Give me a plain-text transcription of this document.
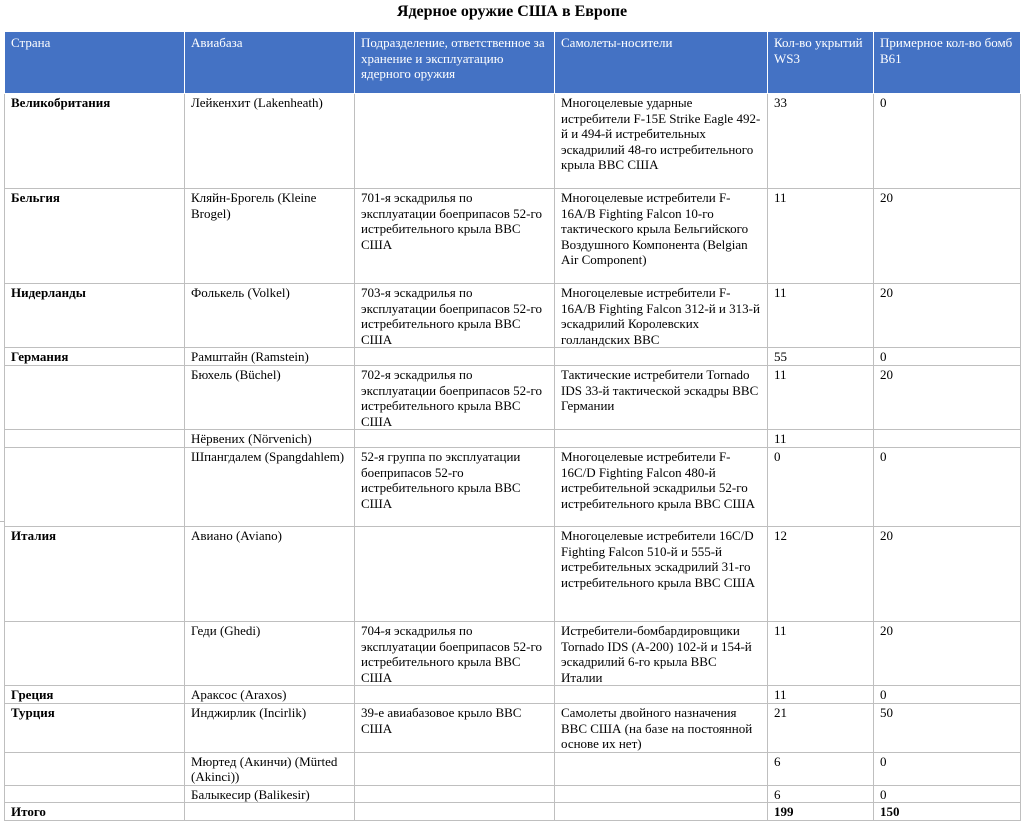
Ядерное оружие США в Европе
Страна	Авиабаза	Подразделение, ответственное за хранение и эксплуатацию ядерного оружия	Самолеты-носители	Кол-во укрытий WS3	Примерное кол-во бомб B61
Великобритания	Лейкенхит (Lakenheath)		Многоцелевые ударные истребители F-15E Strike Eagle 492-й и 494-й истребительных эскадрилий 48-го истребительного крыла ВВС США	33	0
Бельгия	Кляйн-Брогель (Kleine Brogel)	701-я эскадрилья по эксплуатации боеприпасов 52-го истребительного крыла ВВС США	Многоцелевые истребители F-16A/B Fighting Falcon 10-го тактического крыла Бельгийского Воздушного Компонента (Belgian Air Component)	11	20
Нидерланды	Фолькель (Volkel)	703-я эскадрилья по эксплуатации боеприпасов 52-го истребительного крыла ВВС США	Многоцелевые истребители F-16A/B Fighting Falcon 312-й и 313-й эскадрилий Королевских голландских ВВС	11	20
Германия	Рамштайн (Ramstein)			55	0
	Бюхель (Büchel)	702-я эскадрилья по эксплуатации боеприпасов 52-го истребительного крыла ВВС США	Тактические истребители Tornado IDS 33-й тактической эскадры ВВС Германии	11	20
	Нёрвених (Nörvenich)			11	
	Шпангдалем (Spangdahlem)	52-я группа по эксплуатации боеприпасов 52-го истребительного крыла ВВС США	Многоцелевые истребители F-16C/D Fighting Falcon 480-й истребительной эскадрильи 52-го истребительного крыла ВВС США	0	0
Италия	Авиано (Aviano)		Многоцелевые истребители 16C/D Fighting Falcon 510-й и 555-й истребительных эскадрилий 31-го истребительного крыла ВВС США	12	20
	Геди (Ghedi)	704-я эскадрилья по эксплуатации боеприпасов 52-го истребительного крыла ВВС США	Истребители-бомбардировщики Tornado IDS (A-200) 102-й и 154-й эскадрилий 6-го крыла ВВС Италии	11	20
Греция	Араксос (Araxos)			11	0
Турция	Инджирлик (Incirlik)	39-е авиабазовое крыло ВВС США	Самолеты двойного назначения ВВС США (на базе на постоянной основе их нет)	21	50
	Мюртед (Акинчи) (Mürted (Akinci))			6	0
	Балыкесир (Balikesir)			6	0
Итого				199	150
